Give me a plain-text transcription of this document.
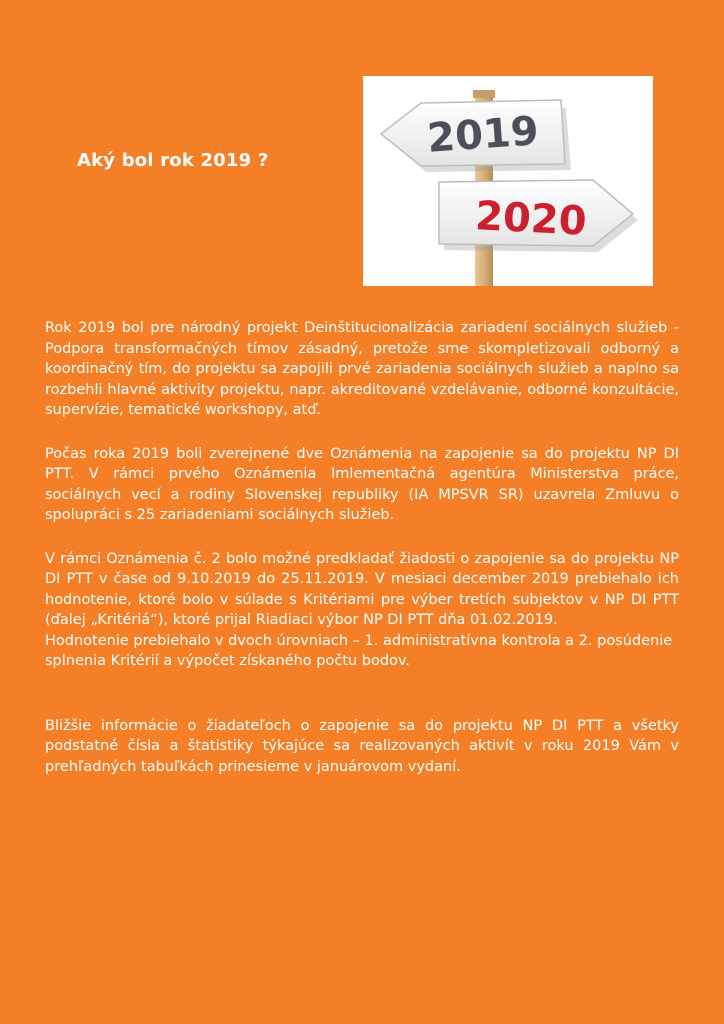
Aký bol rok 2019 ?	2019
2020

Rok 2019 bol pre národný projekt Deinštitucionalizácia zariadení sociálnych služieb - Podpora transformačných tímov zásadný, pretože sme skompletizovali odborný a koordinačný tím, do projektu sa zapojili prvé zariadenia sociálnych služieb a naplno sa rozbehli hlavné aktivity projektu, napr. akreditované vzdelávanie, odborné konzultácie, supervízie, tematické workshopy, atď.

Počas roka 2019 boli zverejnené dve Oznámenia na zapojenie sa do projektu NP DI PTT. V rámci prvého Oznámenia Imlementačná agentúra Ministerstva práce, sociálnych vecí a rodiny Slovenskej republiky (IA MPSVR SR) uzavrela Zmluvu o spolupráci s 25 zariadeniami sociálnych služieb.

V rámci Oznámenia č. 2 bolo možné predkladať žiadosti o zapojenie sa do projektu NP DI PTT v čase od 9.10.2019 do 25.11.2019. V mesiaci december 2019 prebiehalo ich hodnotenie, ktoré bolo v súlade s Kritériami pre výber tretích subjektov v NP DI PTT (ďalej „Kritériá“), ktoré prijal Riadiaci výbor NP DI PTT dňa 01.02.2019.

Hodnotenie prebiehalo v dvoch úrovniach – 1. administratívna kontrola a 2. posúdenie splnenia Kritérií a výpočet získaného počtu bodov.

Bližšie informácie o žiadateľoch o zapojenie sa do projektu NP DI PTT a všetky podstatné čísla a štatistiky týkajúce sa realizovaných aktivít v roku 2019 Vám v prehľadných tabuľkách prinesieme v januárovom vydaní.
